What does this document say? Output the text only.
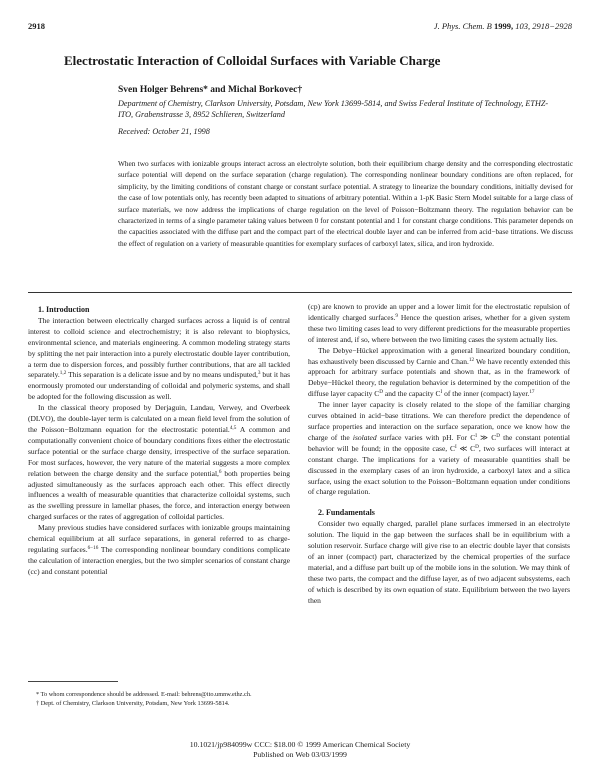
2918	J. Phys. Chem. B 1999, 103, 2918−2928
Electrostatic Interaction of Colloidal Surfaces with Variable Charge
Sven Holger Behrens* and Michal Borkovec†
Department of Chemistry, Clarkson University, Potsdam, New York 13699-5814, and Swiss Federal Institute of Technology, ETHZ-ITO, Grabenstrasse 3, 8952 Schlieren, Switzerland
Received: October 21, 1998
When two surfaces with ionizable groups interact across an electrolyte solution, both their equilibrium charge density and the corresponding electrostatic surface potential will depend on the surface separation (charge regulation). The corresponding nonlinear boundary conditions are often replaced, for simplicity, by the limiting conditions of constant charge or constant surface potential. A strategy to linearize the boundary conditions, initially devised for the case of low potentials only, has recently been adapted to situations of arbitrary potential. Within a 1-pK Basic Stern Model suitable for a large class of surface materials, we now address the implications of charge regulation on the level of Poisson−Boltzmann theory. The regulation behavior can be characterized in terms of a single parameter taking values between 0 for constant potential and 1 for constant charge conditions. This parameter depends on the capacities associated with the diffuse part and the compact part of the electrical double layer and can be inferred from acid−base titrations. We discuss the effect of regulation on a variety of measurable quantities for exemplary surfaces of carboxyl latex, silica, and iron hydroxide.

1. Introduction

The interaction between electrically charged surfaces across a liquid is of central interest to colloid science and electrochemistry; it is also relevant to biophysics, environmental science, and materials engineering. A common modeling strategy starts by splitting the net pair interaction into a purely electrostatic double layer contribution, a term due to dispersion forces, and possibly further contributions, that are all tackled separately.$^{1,2}$ This separation is a delicate issue and by no means undisputed,$^3$ but it has enormously promoted our understanding of colloidal and polymeric systems, and shall be adopted for the following discussion as well.

In the classical theory proposed by Derjaguin, Landau, Verwey, and Overbeek (DLVO), the double-layer term is calculated on a mean field level from the solution of the Poisson−Boltzmann equation for the electrostatic potential.$^{4,5}$ A common and computationally convenient choice of boundary conditions fixes either the electrostatic surface potential or the surface charge density, irrespective of the surface separation. For most surfaces, however, the very nature of the material suggests a more complex relation between the charge density and the surface potential,$^6$ both properties being adjusted simultaneously as the surfaces approach each other. This effect directly influences a wealth of measurable quantities that characterize colloidal systems, such as the swelling pressure in lamellar phases, the force, and interaction energy between charged surfaces or the rates of aggregation of colloidal particles.

Many previous studies have considered surfaces with ionizable groups maintaining chemical equilibrium at all surface separations, in general referred to as charge-regulating surfaces.$^{6-16}$ The corresponding nonlinear boundary conditions complicate the calculation of interaction energies, but the two simpler scenarios of constant charge (cc) and constant potential

* To whom correspondence should be addressed. E-mail: behrens@ito.umnw.ethz.ch.

† Dept. of Chemistry, Clarkson University, Potsdam, New York 13699-5814.

(cp) are known to provide an upper and a lower limit for the electrostatic repulsion of identically charged surfaces.$^9$ Hence the question arises, whether for a given system these two limiting cases lead to very different predictions for the measurable properties of interest and, if so, where between the two limiting cases the system actually lies.

The Debye−Hückel approximation with a general linearized boundary condition, has exhaustively been discussed by Carnie and Chan.$^{12}$ We have recently extended this approach for arbitrary surface potentials and shown that, as in the framework of Debye−Hückel theory, the regulation behavior is determined by the competition of the diffuse layer capacity $C^D$ and the capacity $C^I$ of the inner (compact) layer.$^{17}$

The inner layer capacity is closely related to the slope of the familiar charging curves obtained in acid−base titrations. We can therefore predict the dependence of surface properties and interaction on the surface separation, once we know how the charge of the isolated surface varies with pH. For $C^I$ ≫ $C^D$ the constant potential behavior will be found; in the opposite case, $C^I$ ≪ $C^D$, two surfaces will interact at constant charge. The implications for a variety of measurable quantities shall be discussed in the exemplary cases of an iron hydroxide, a carboxyl latex and a silica surface, using the exact solution to the Poisson−Boltzmann equation under conditions of charge regulation.

2. Fundamentals

Consider two equally charged, parallel plane surfaces immersed in an electrolyte solution. The liquid in the gap between the surfaces shall be in equilibrium with a solution reservoir. Surface charge will give rise to an electric double layer that consists of an inner (compact) part, characterized by the chemical properties of the surface material, and a diffuse part built up of the mobile ions in the solution. We may think of these two parts, the compact and the diffuse layer, as of two adjacent subsystems, each of which is described by its own equation of state. Equilibrium between the two layers then

10.1021/jp984099w CCC: $18.00 © 1999 American Chemical Society
Published on Web 03/03/1999
